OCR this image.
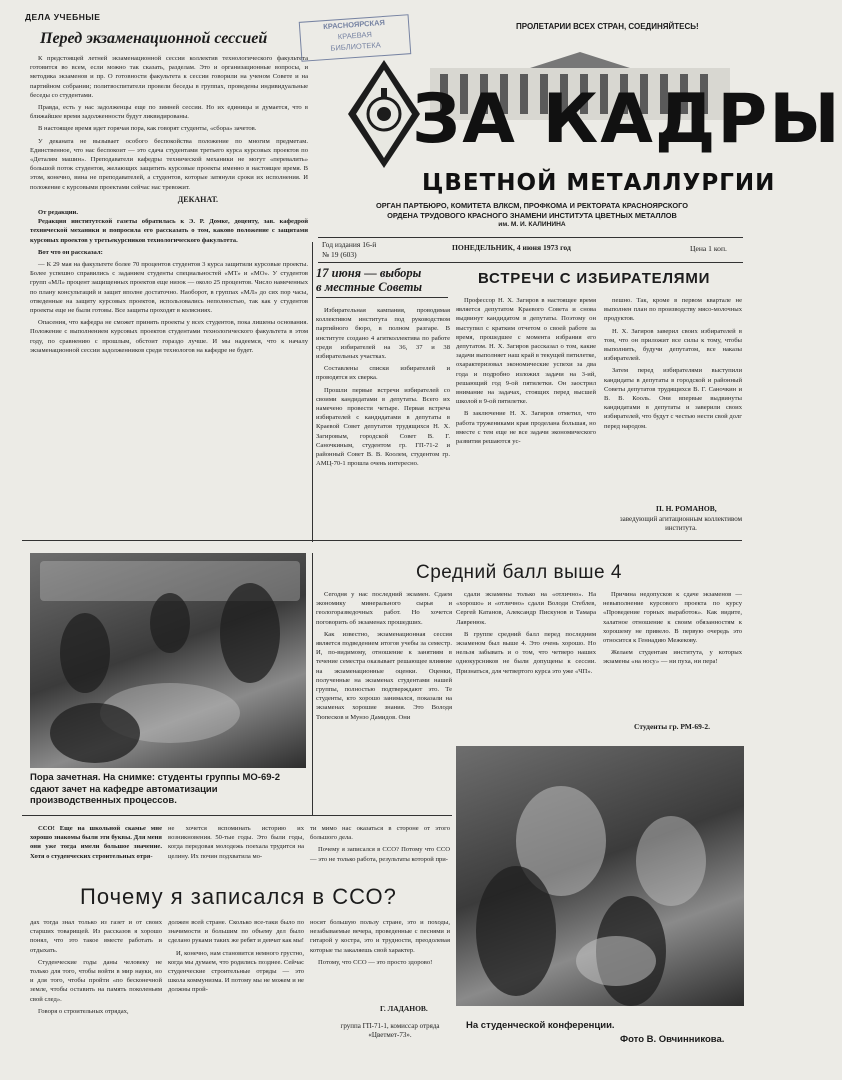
ДЕЛА УЧЕБНЫЕ
Перед экзаменационной сессией

К предстоящей летней экзаменационной сессии коллектив технологического факультета готовится во всем, если можно так сказать, разделам. Это и организационные вопросы, и методика экзаменов и пр. О готовности факультета к сессии говорили на ученом Совете и на партийном собрании; политвоспитатели провели беседы в группах, проведены индивидуальные беседы со студентами.

Правда, есть у нас задолженцы еще по зимней сессии. Но их единицы и думается, что в ближайшее время задолженности будут ликвидированы.

В настоящее время идет горячая пора, как говорят студенты, «сбора» зачетов.

У деканата не вызывает особого беспокойства положение по многим предметам. Единственное, что нас беспокоит — это сдача студентами третьего курса курсовых проектов по «Деталям машин». Преподаватели кафедры технической механики не могут «перевалить» большой поток студентов, желающих защитить курсовые проекты именно в настоящее время. В этом, конечно, вина не преподавателей, а студентов, которые затянули сроки их исполнения. И положение с курсовыми проектами сейчас нас тревожит.

ДЕКАНАТ.
От редакции.

Редакция институтской газеты обратилась к Э. Р. Домке, доценту, зав. кафедрой технической механики и попросила его рассказать о том, каково положение с защитами курсовых проектов у третьекурсников технологического факультета.

Вот что он рассказал:

— К 29 мая на факультете более 70 процентов студентов 3 курса защитили курсовые проекты. Более успешно справились с заданием студенты специальностей «МТ» и «МО». У студентов групп «МЛ» процент защищенных проектов еще низок — около 25 процентов. Число намеченных по плану консультаций и защит вполне достаточно. Наоборот, в группах «МЛ» до сих пор часы, отведенные на защиту курсовых проектов, использовались неполностью, так как у студентов проекты еще не были готовы. Все защиты проходят в колясниях.

Опасения, что кафедра не сможет принять проекты у всех студентов, пока лишены основания. Положение с выполнением курсовых проектов студентами технологического факультета в этом году, по сравнению с прошлым, обстоит гораздо лучше. И мы надеемся, что к началу экзаменационной сессии задолженников среди технологов на кафедре не будет.

ПРОЛЕТАРИИ ВСЕХ СТРАН, СОЕДИНЯЙТЕСЬ!
КРАСНОЯРСКАЯ
КРАЕВАЯ
БИБЛИОТЕКА
ЗА КАДРЫ
ЦВЕТНОЙ МЕТАЛЛУРГИИ
ОРГАН ПАРТБЮРО, КОМИТЕТА ВЛКСМ, ПРОФКОМА И РЕКТОРАТА КРАСНОЯРСКОГО
ОРДЕНА ТРУДОВОГО КРАСНОГО ЗНАМЕНИ ИНСТИТУТА ЦВЕТНЫХ МЕТАЛЛОВ
им. М. И. КАЛИНИНА
Год издания 16-й
№ 19 (603)
ПОНЕДЕЛЬНИК, 4 июня 1973 год	Цена 1 коп.
17 июня — выборы
в местные Советы

Избирательная кампания, проводимая коллективом института под руководством партийного бюро, в полном разгаре. В институте создано 4 агитколлектива по работе среди избирателей на 36, 37 и 38 избирательных участках.

Составлены списки избирателей и проводятся их сверка.

Прошли первые встречи избирателей со своими кандидатами в депутаты. Всего их намечено провести четыре. Первая встреча избирателей с кандидатами в депутаты в Краевой Совет депутатов трудящихся Н. Х. Загировым, городской Совет В. Г. Саночкиным, студентом гр. ГП-71-2 и районный Совет В. В. Коолем, студентом гр. АМЦ-70-1 прошла очень интересно.

ВСТРЕЧИ С ИЗБИРАТЕЛЯМИ

Профессор Н. Х. Загиров в настоящее время является депутатом Краевого Совета и снова выдвинут кандидатом в депутаты. Поэтому он выступил с кратким отчетом о своей работе за время, прошедшее с момента избрания его депутатом. Н. Х. Загиров рассказал о том, какие задачи выполняет наш край в текущей пятилетке, охарактеризовал экономические успехи за два года и подробно изложил задачи на 3-ий, решающий год 9-ой пятилетки. Он заострил внимание на задачах, стоящих перед высшей школой в 9-ой пятилетке.

В заключение Н. Х. Загиров отметил, что работа тружениками края проделана большая, но вместе с тем еще не все задачи экономического развития решаются ус-

пешно. Так, кроме в первом квартале не выполнен план по производству мясо-молочных продуктов.

Н. Х. Загиров заверил своих избирателей в том, что он приложит все силы к тому, чтобы выполнить, будучи депутатом, все наказы избирателей.

Затем перед избирателями выступили кандидаты в депутаты в городской и районный Советы депутатов трудящихся В. Г. Саночкин и В. В. Кооль. Они впервые выдвинуты кандидатами в депутаты и заверили своих избирателей, что будут с честью нести свой долг перед народом.

П. Н. РОМАНОВ,
заведующий агитационным коллективом института.
Пора зачетная. На снимке: студенты группы МО-69-2 сдают зачет на кафедре автоматизации производственных процессов.
Средний балл выше 4

Сегодня у нас последний экзамен. Сдаем экономику минерального сырья и геологоразведочных работ. Но хочется поговорить об экзаменах прошедших.

Как известно, экзаменационная сессия является подведением итогов учебы за семестр. И, по-видимому, отношение к занятиям в течение семестра оказывает решающее влияние на экзаменационные оценки. Оценки, полученные на экзаменах студентами нашей группы, полностью подтверждают это. Те студенты, кто хорошо занимался, показали на экзаменах хорошие знания. Это Володя Тюпесков и Мунзо Дамидов. Они

сдали экзамены только на «отлично». На «хорошо» и «отлично» сдали Володя Стеблев, Сергей Катанов, Александр Пискунов и Тамара Лавренюк.

В группе средний балл перед последним экзаменом был выше 4. Это очень хорошо. Но нельзя забывать и о том, что четверо наших однокурсников не были допущены к сессии. Признаться, для четвертого курса это уже «ЧП».

Причина недопусков к сдаче экзаменов — невыполнение курсового проекта по курсу «Проведение горных выработок». Как видите, халатное отношение к своим обязанностям к хорошему не привело. В первую очередь это относится к Геннадию Межекову.

Желаем студентам института, у которых экзамены «на носу» — ни пуха, ни пера!

Студенты гр. РМ-69-2.

ССО! Еще на школьной скамье мне хорошо знакомы были эти буквы. Для меня они уже тогда имели большое значение. Хотя о студенческих строительных отря-

не хочется вспоминать историю их возникновения. 50-тые годы. Это были годы, когда передовая молодежь поехала трудится на целину. Их почин подхватила мо-

ти мимо нас оказаться в стороне от этого большого дела.

Почему я записался в ССО? Потому что ССО — это не только работа, результаты которой при-

Почему я записался в ССО?

дах тогда знал только из газет и от своих старших товарищей. Из рассказов я хорошо понял, что это такое вместе работать и отдыхать.

Студенческие годы даны человеку не только для того, чтобы войти в мир науки, но и для того, чтобы пройти «по бесконечной земле, чтобы оставить на память поколеньям свой след».

Говоря о строительных отрядах,

должен всей стране. Сколько все-таки было по значимости и большим по объему дел было сделано руками таких же ребят и девчат как мы!

И, конечно, нам становится немного грустно, когда мы думаем, что родились позднее. Сейчас студенческие строительные отряды — это школа коммунизма. И потому мы не можем и не должны прой-

носят большую пользу стране, это и походы, незабываемые вечера, проведенные с песнями и гитарой у костра, это и трудности, преодолевая которые ты закаляешь свой характер.

Потому, что ССО — это просто здорово!

Г. ЛАДАНОВ.
группа ГП-71-1, комиссар отряда «Цветмет-73».
На студенческой конференции.
Фото В. Овчинникова.
